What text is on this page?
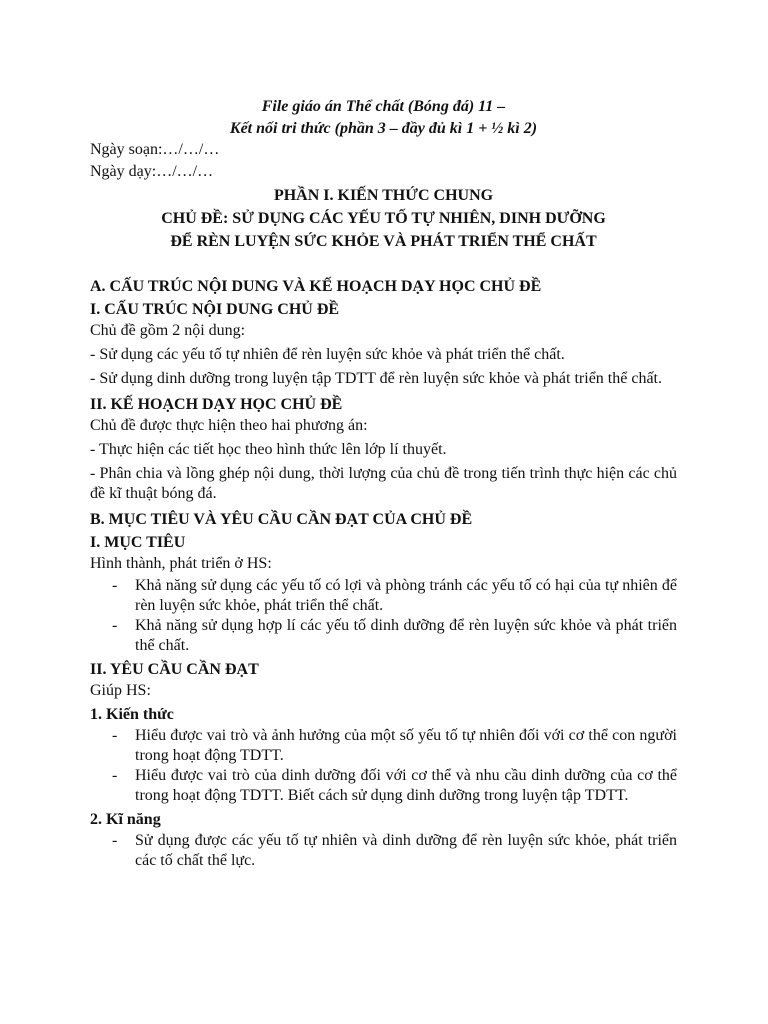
File giáo án Thể chất (Bóng đá) 11 –
Kết nối tri thức (phần 3 – đầy đủ kì 1 + ½ kì 2)
Ngày soạn:…/…/…
Ngày dạy:…/…/…
PHẦN I. KIẾN THỨC CHUNG
CHỦ ĐỀ: SỬ DỤNG CÁC YẾU TỐ TỰ NHIÊN, DINH DƯỠNG
ĐỂ RÈN LUYỆN SỨC KHỎE VÀ PHÁT TRIỂN THỂ CHẤT
A. CẤU TRÚC NỘI DUNG VÀ KẾ HOẠCH DẠY HỌC CHỦ ĐỀ
I. CẤU TRÚC NỘI DUNG CHỦ ĐỀ
Chủ đề gồm 2 nội dung:
- Sử dụng các yếu tố tự nhiên để rèn luyện sức khỏe và phát triển thể chất.
- Sử dụng dinh dưỡng trong luyện tập TDTT để rèn luyện sức khỏe và phát triển thể chất.
II. KẾ HOẠCH DẠY HỌC CHỦ ĐỀ
Chủ đề được thực hiện theo hai phương án:
- Thực hiện các tiết học theo hình thức lên lớp lí thuyết.
- Phân chia và lồng ghép nội dung, thời lượng của chủ đề trong tiến trình thực hiện các chủ đề kĩ thuật bóng đá.
B. MỤC TIÊU VÀ YÊU CẦU CẦN ĐẠT CỦA CHỦ ĐỀ
I. MỤC TIÊU
Hình thành, phát triển ở HS:
- Khả năng sử dụng các yếu tố có lợi và phòng tránh các yếu tố có hại của tự nhiên để rèn luyện sức khỏe, phát triển thể chất.
- Khả năng sử dụng hợp lí các yếu tố dinh dưỡng để rèn luyện sức khỏe và phát triển thể chất.
II. YÊU CẦU CẦN ĐẠT
Giúp HS:
1. Kiến thức
- Hiểu được vai trò và ảnh hưởng của một số yếu tố tự nhiên đối với cơ thể con người trong hoạt động TDTT.
- Hiểu được vai trò của dinh dưỡng đối với cơ thể và nhu cầu dinh dưỡng của cơ thể trong hoạt động TDTT. Biết cách sử dụng dinh dưỡng trong luyện tập TDTT.
2. Kĩ năng
- Sử dụng được các yếu tố tự nhiên và dinh dưỡng để rèn luyện sức khỏe, phát triển các tố chất thể lực.
